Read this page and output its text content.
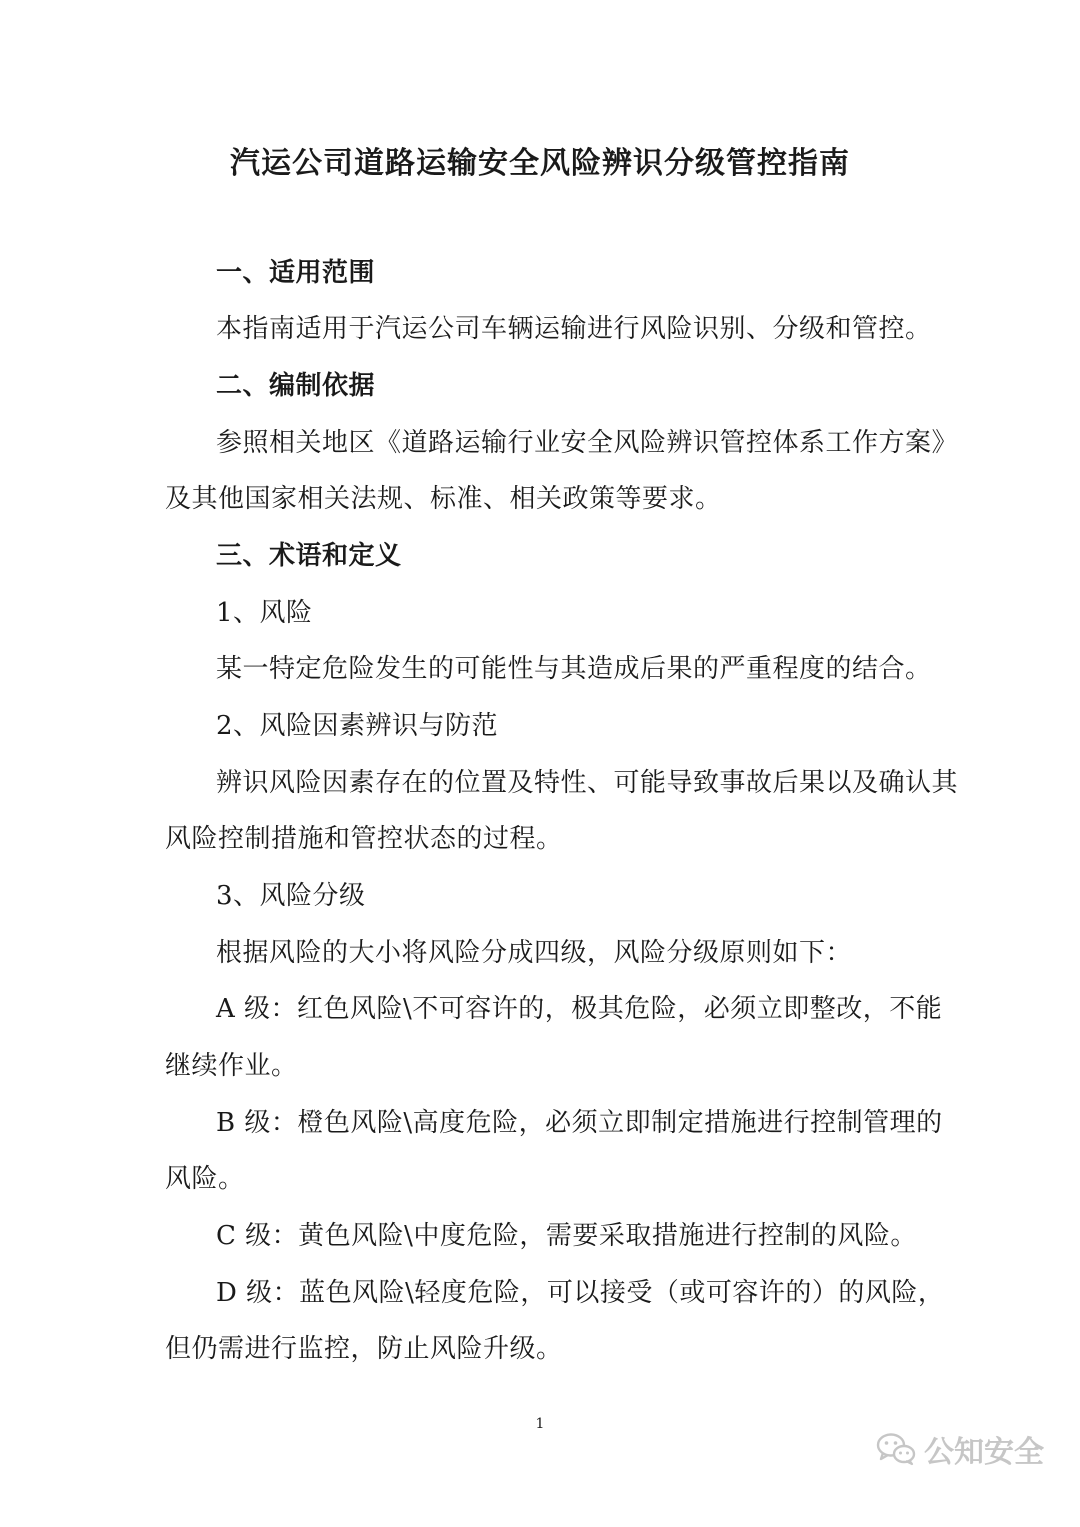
汽运公司道路运输安全风险辨识分级管控指南
一、适用范围
本指南适用于汽运公司车辆运输进行风险识别、分级和管控。
二、编制依据
参照相关地区《道路运输行业安全风险辨识管控体系工作方案》
及其他国家相关法规、标准、相关政策等要求。
三、术语和定义
1、风险
某一特定危险发生的可能性与其造成后果的严重程度的结合。
2、风险因素辨识与防范
辨识风险因素存在的位置及特性、可能导致事故后果以及确认其
风险控制措施和管控状态的过程。
3、风险分级
根据风险的大小将风险分成四级，风险分级原则如下：
A 级：红色风险\不可容许的，极其危险，必须立即整改，不能
继续作业。
B 级：橙色风险\高度危险，必须立即制定措施进行控制管理的
风险。
C 级：黄色风险\中度危险，需要采取措施进行控制的风险。
D 级：蓝色风险\轻度危险，可以接受（或可容许的）的风险，
但仍需进行监控，防止风险升级。
1
公知安全
